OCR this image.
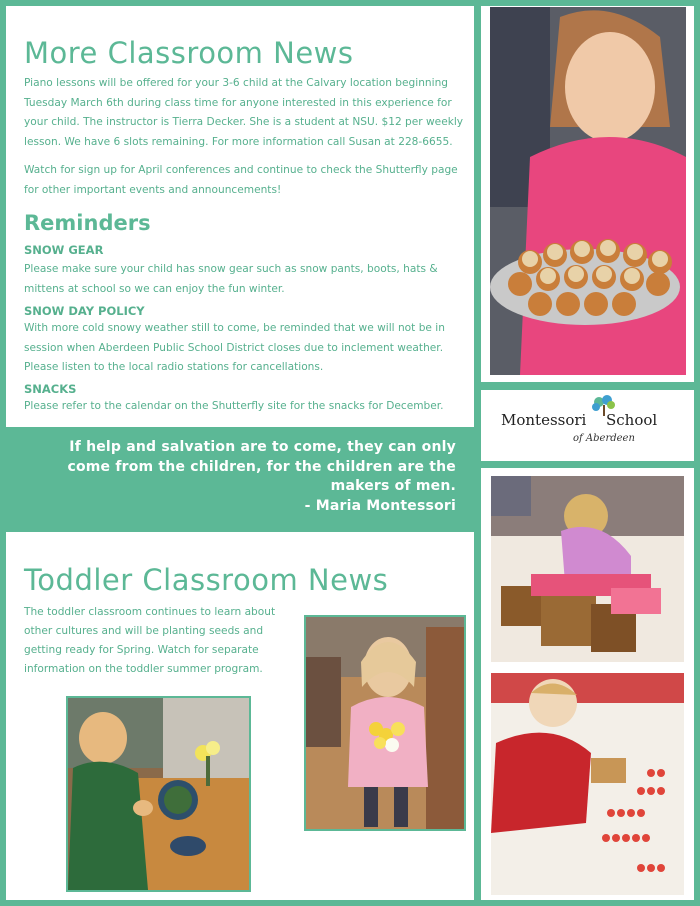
More Classroom News
Piano lessons will be offered for your 3-6 child at the Calvary location beginning Tuesday March 6th during class time for anyone interested in this experience for your child. The instructor is Tierra Decker. She is a student at NSU. $12 per weekly lesson. We have 6 slots remaining. For more information call Susan at 228-6655.
Watch for sign up for April conferences and continue to check the Shutterfly page for other important events and announcements!
Reminders
SNOW GEAR
Please make sure your child has snow gear such as snow pants, boots, hats & mittens at school so we can enjoy the fun winter.
SNOW DAY POLICY
With more cold snowy weather still to come, be reminded that we will not be in session when Aberdeen Public School District closes due to inclement weather. Please listen to the local radio stations for cancellations.
SNACKS
Please refer to the calendar on the Shutterfly site for the snacks for December.
If help and salvation are to come, they can only
come from the children, for the children are the
makers of men.
- Maria Montessori
Toddler Classroom News
The toddler classroom continues to learn about other cultures and will be planting seeds and getting ready for Spring. Watch for separate information on the toddler summer program.
Montessori School
of Aberdeen
